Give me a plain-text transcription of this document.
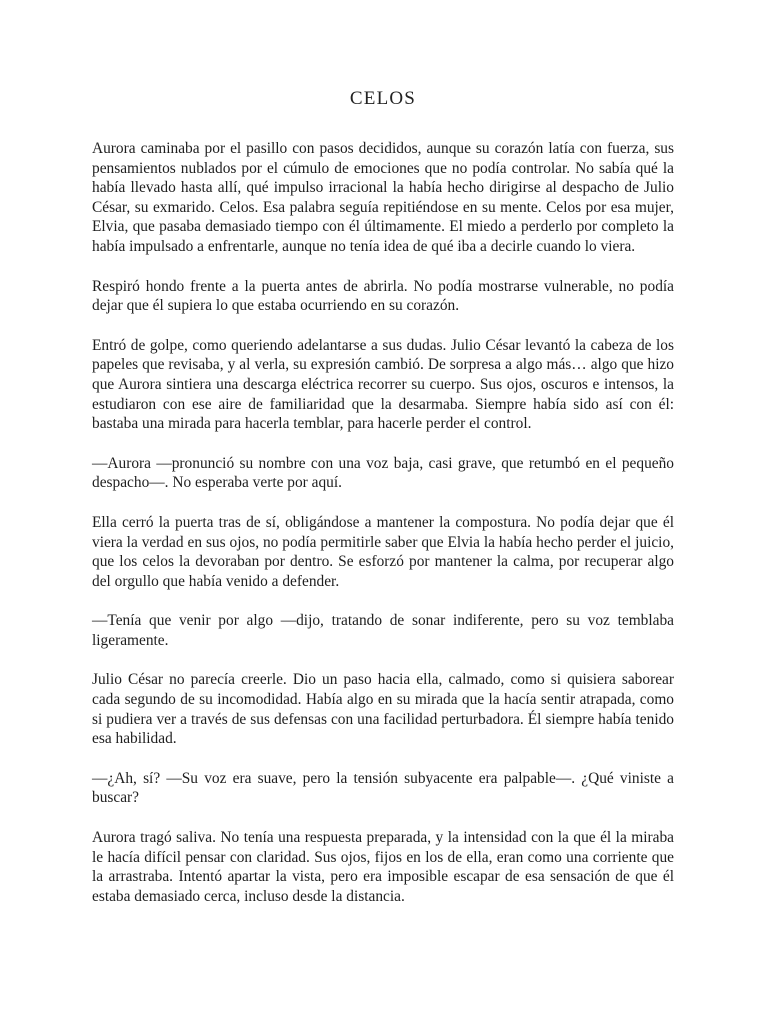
CELOS

Aurora caminaba por el pasillo con pasos decididos, aunque su corazón latía con fuerza, sus pensamientos nublados por el cúmulo de emociones que no podía controlar. No sabía qué la había llevado hasta allí, qué impulso irracional la había hecho dirigirse al despacho de Julio César, su exmarido. Celos. Esa palabra seguía repitiéndose en su mente. Celos por esa mujer, Elvia, que pasaba demasiado tiempo con él últimamente. El miedo a perderlo por completo la había impulsado a enfrentarle, aunque no tenía idea de qué iba a decirle cuando lo viera.

Respiró hondo frente a la puerta antes de abrirla. No podía mostrarse vulnerable, no podía dejar que él supiera lo que estaba ocurriendo en su corazón.

Entró de golpe, como queriendo adelantarse a sus dudas. Julio César levantó la cabeza de los papeles que revisaba, y al verla, su expresión cambió. De sorpresa a algo más… algo que hizo que Aurora sintiera una descarga eléctrica recorrer su cuerpo. Sus ojos, oscuros e intensos, la estudiaron con ese aire de familiaridad que la desarmaba. Siempre había sido así con él: bastaba una mirada para hacerla temblar, para hacerle perder el control.

—Aurora —pronunció su nombre con una voz baja, casi grave, que retumbó en el pequeño despacho—. No esperaba verte por aquí.

Ella cerró la puerta tras de sí, obligándose a mantener la compostura. No podía dejar que él viera la verdad en sus ojos, no podía permitirle saber que Elvia la había hecho perder el juicio, que los celos la devoraban por dentro. Se esforzó por mantener la calma, por recuperar algo del orgullo que había venido a defender.

—Tenía que venir por algo —dijo, tratando de sonar indiferente, pero su voz temblaba ligeramente.

Julio César no parecía creerle. Dio un paso hacia ella, calmado, como si quisiera saborear cada segundo de su incomodidad. Había algo en su mirada que la hacía sentir atrapada, como si pudiera ver a través de sus defensas con una facilidad perturbadora. Él siempre había tenido esa habilidad.

—¿Ah, sí? —Su voz era suave, pero la tensión subyacente era palpable—. ¿Qué viniste a buscar?

Aurora tragó saliva. No tenía una respuesta preparada, y la intensidad con la que él la miraba le hacía difícil pensar con claridad. Sus ojos, fijos en los de ella, eran como una corriente que la arrastraba. Intentó apartar la vista, pero era imposible escapar de esa sensación de que él estaba demasiado cerca, incluso desde la distancia.
